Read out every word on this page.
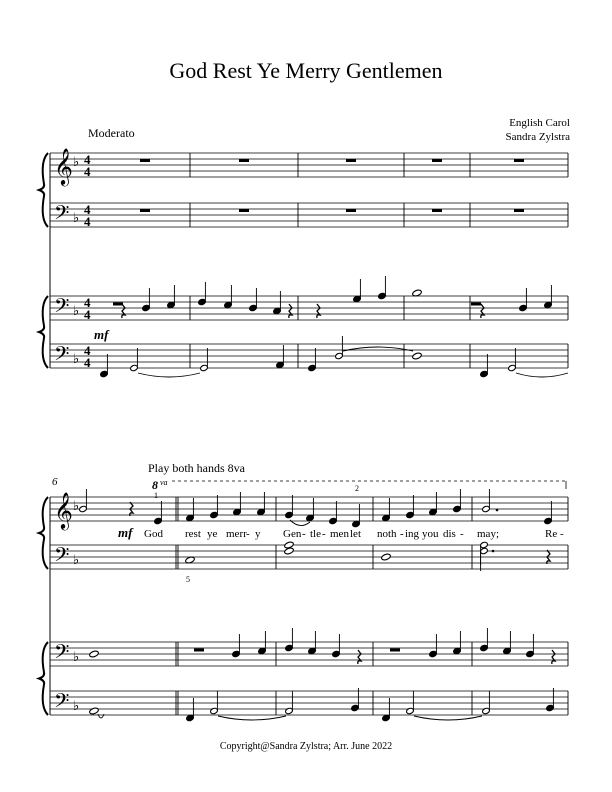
God Rest Ye Merry Gentlemen
English Carol
Sandra Zylstra
Moderato
Play both hands 8va
Copyright@Sandra Zylstra; Arr. June 2022
𝄞 ♭ 4
4
𝄢 ♭
4
4
𝄢 ♭
4
4
𝄢 ♭
4
4
mf
𝄞 ♭
𝄢 ♭
𝄢 ♭
𝄢 ♭
6	8 va
1
2
mf God rest ye merr - y Gen - tle - men let noth - ing you dis - may;	Re -
5
